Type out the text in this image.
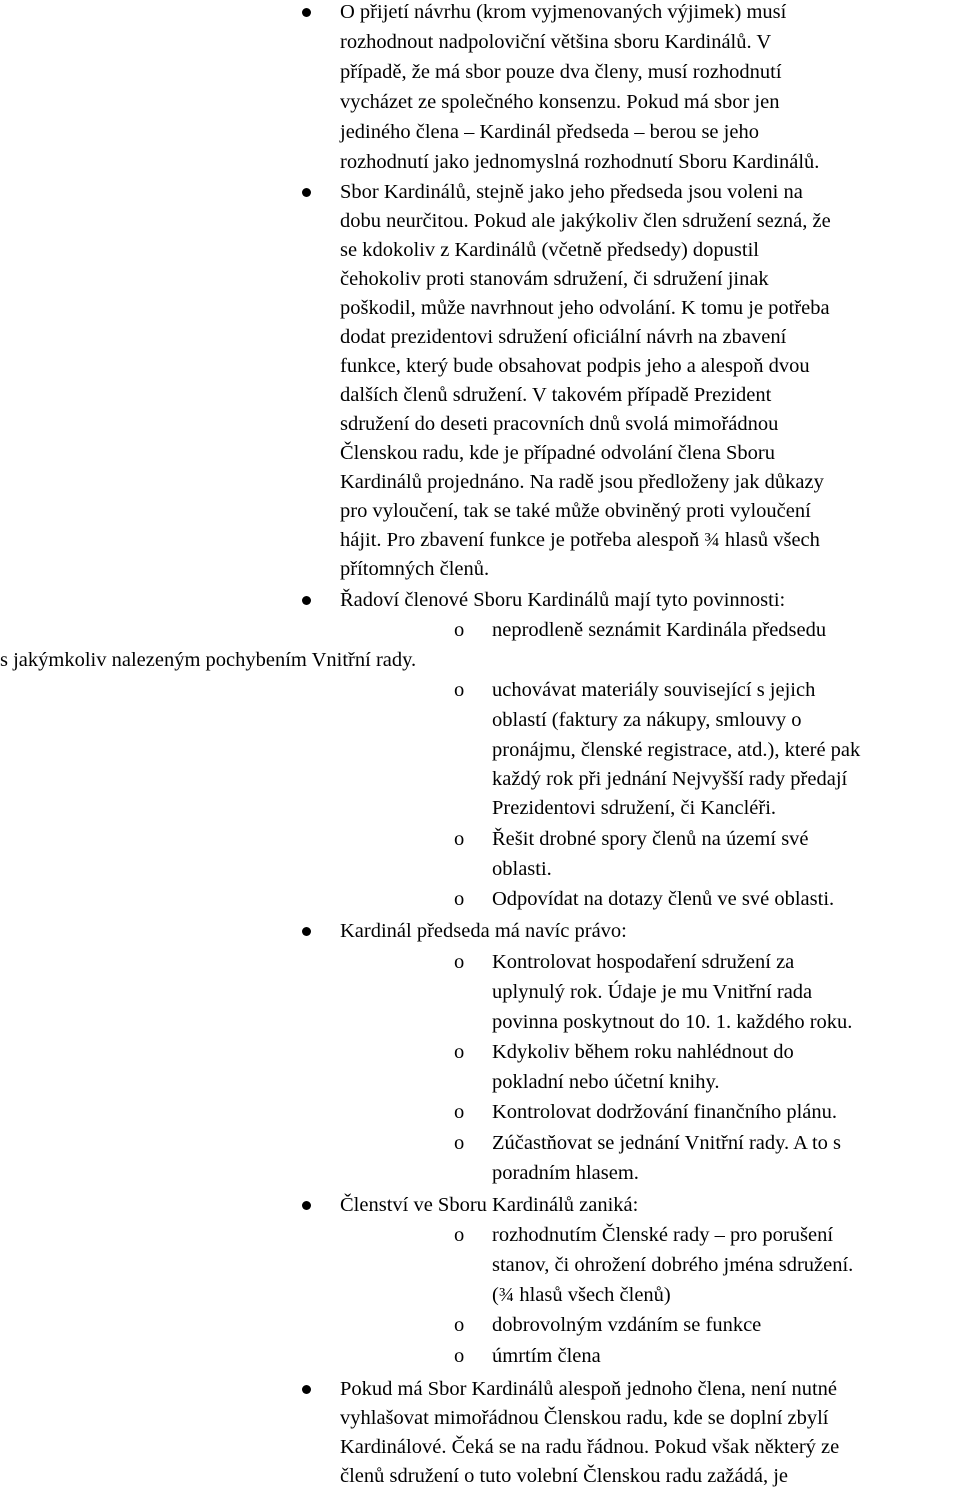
O přijetí návrhu (krom vyjmenovaných výjimek) musí
rozhodnout nadpoloviční většina sboru Kardinálů. V
případě, že má sbor pouze dva členy, musí rozhodnutí
vycházet ze společného konsenzu. Pokud má sbor jen
jediného člena – Kardinál předseda – berou se jeho
rozhodnutí jako jednomyslná rozhodnutí Sboru Kardinálů.
Sbor Kardinálů, stejně jako jeho předseda jsou voleni na
dobu neurčitou. Pokud ale jakýkoliv člen sdružení sezná, že
se kdokoliv z Kardinálů (včetně předsedy) dopustil
čehokoliv proti stanovám sdružení, či sdružení jinak
poškodil, může navrhnout jeho odvolání. K tomu je potřeba
dodat prezidentovi sdružení oficiální návrh na zbavení
funkce, který bude obsahovat podpis jeho a alespoň dvou
dalších členů sdružení. V takovém případě Prezident
sdružení do deseti pracovních dnů svolá mimořádnou
Členskou radu, kde je případné odvolání člena Sboru
Kardinálů projednáno. Na radě jsou předloženy jak důkazy
pro vyloučení, tak se také může obviněný proti vyloučení
hájit. Pro zbavení funkce je potřeba alespoň ¾ hlasů všech
přítomných členů.
Řadoví členové Sboru Kardinálů mají tyto povinnosti:
o neprodleně seznámit Kardinála předsedu
s jakýmkoliv nalezeným pochybením Vnitřní rady.
o uchovávat materiály související s jejich
oblastí (faktury za nákupy, smlouvy o
pronájmu, členské registrace, atd.), které pak
každý rok při jednání Nejvyšší rady předají
Prezidentovi sdružení, či Kancléři.
o Řešit drobné spory členů na území své
oblasti.
o Odpovídat na dotazy členů ve své oblasti.
Kardinál předseda má navíc právo:
o Kontrolovat hospodaření sdružení za
uplynulý rok. Údaje je mu Vnitřní rada
povinna poskytnout do 10. 1. každého roku.
o Kdykoliv během roku nahlédnout do
pokladní nebo účetní knihy.
o Kontrolovat dodržování finančního plánu.
o Zúčastňovat se jednání Vnitřní rady. A to s
poradním hlasem.
Členství ve Sboru Kardinálů zaniká:
o rozhodnutím Členské rady – pro porušení
stanov, či ohrožení dobrého jména sdružení.
(¾ hlasů všech členů)
o dobrovolným vzdáním se funkce
o úmrtím člena
Pokud má Sbor Kardinálů alespoň jednoho člena, není nutné
vyhlašovat mimořádnou Členskou radu, kde se doplní zbylí
Kardinálové. Čeká se na radu řádnou. Pokud však některý ze
členů sdružení o tuto volební Členskou radu zažádá, je
